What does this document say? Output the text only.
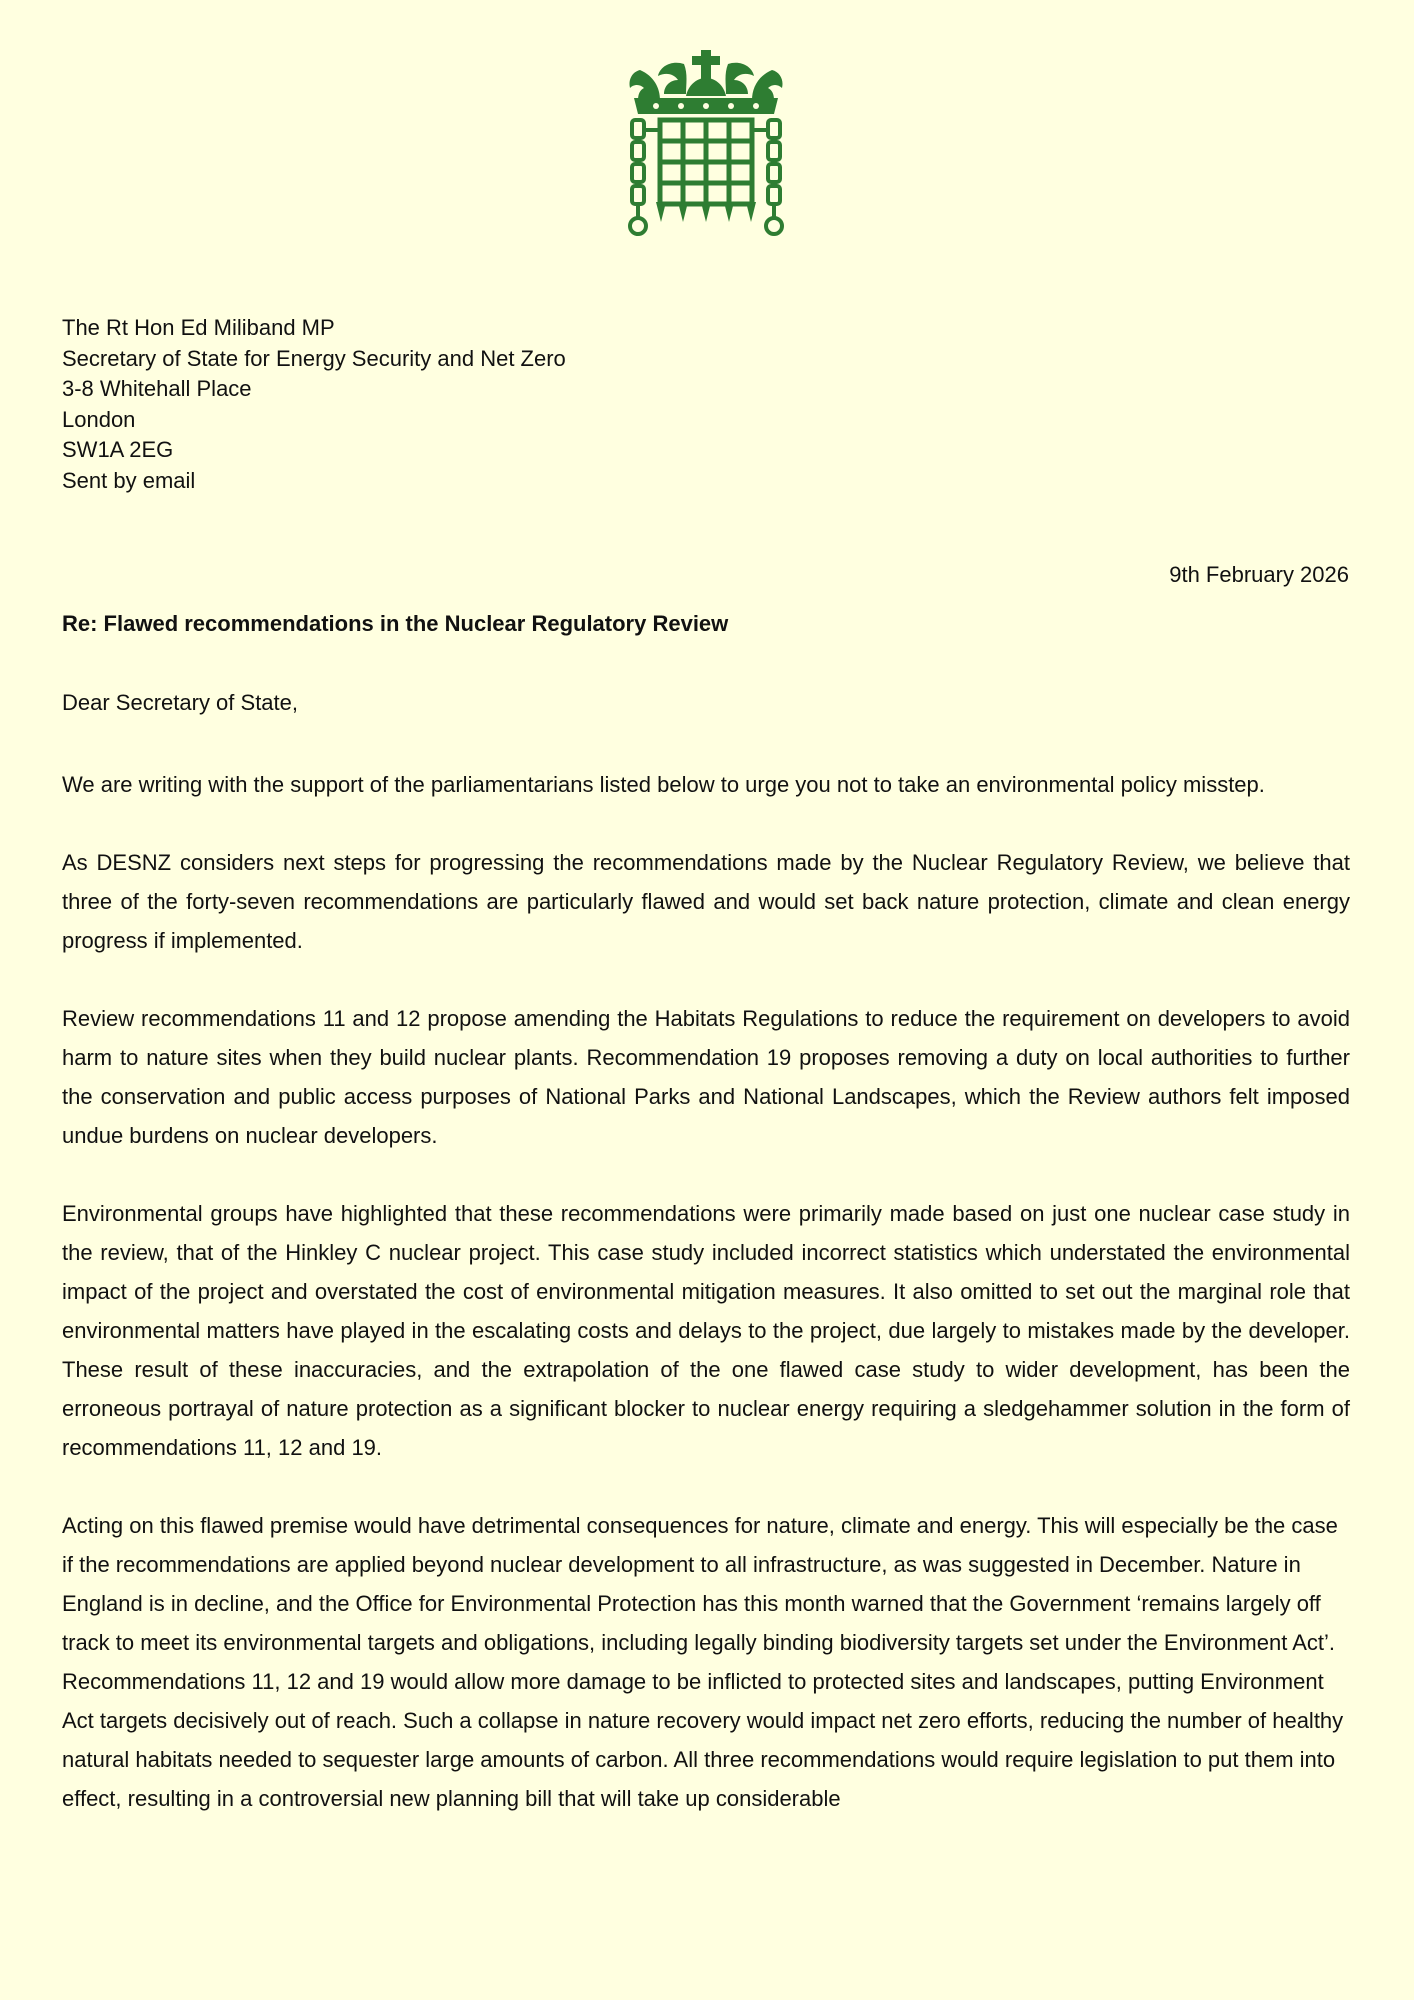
The Rt Hon Ed Miliband MP
Secretary of State for Energy Security and Net Zero
3-8 Whitehall Place
London
SW1A 2EG
Sent by email
9th February 2026
Re: Flawed recommendations in the Nuclear Regulatory Review
Dear Secretary of State,

We are writing with the support of the parliamentarians listed below to urge you not to take an environmental policy misstep.

As DESNZ considers next steps for progressing the recommendations made by the Nuclear Regulatory Review, we believe that three of the forty-seven recommendations are particularly flawed and would set back nature protection, climate and clean energy progress if implemented.

Review recommendations 11 and 12 propose amending the Habitats Regulations to reduce the requirement on developers to avoid harm to nature sites when they build nuclear plants. Recommendation 19 proposes removing a duty on local authorities to further the conservation and public access purposes of National Parks and National Landscapes, which the Review authors felt imposed undue burdens on nuclear developers.

Environmental groups have highlighted that these recommendations were primarily made based on just one nuclear case study in the review, that of the Hinkley C nuclear project. This case study included incorrect statistics which understated the environmental impact of the project and overstated the cost of environmental mitigation measures. It also omitted to set out the marginal role that environmental matters have played in the escalating costs and delays to the project, due largely to mistakes made by the developer. These result of these inaccuracies, and the extrapolation of the one flawed case study to wider development, has been the erroneous portrayal of nature protection as a significant blocker to nuclear energy requiring a sledgehammer solution in the form of recommendations 11, 12 and 19.

Acting on this flawed premise would have detrimental consequences for nature, climate and energy. This will especially be the case if the recommendations are applied beyond nuclear development to all infrastructure, as was suggested in December. Nature in England is in decline, and the Office for Environmental Protection has this month warned that the Government ‘remains largely off track to meet its environmental targets and obligations, including legally binding biodiversity targets set under the Environment Act’. Recommendations 11, 12 and 19 would allow more damage to be inflicted to protected sites and landscapes, putting Environment Act targets decisively out of reach. Such a collapse in nature recovery would impact net zero efforts, reducing the number of healthy natural habitats needed to sequester large amounts of carbon. All three recommendations would require legislation to put them into effect, resulting in a controversial new planning bill that will take up considerable
